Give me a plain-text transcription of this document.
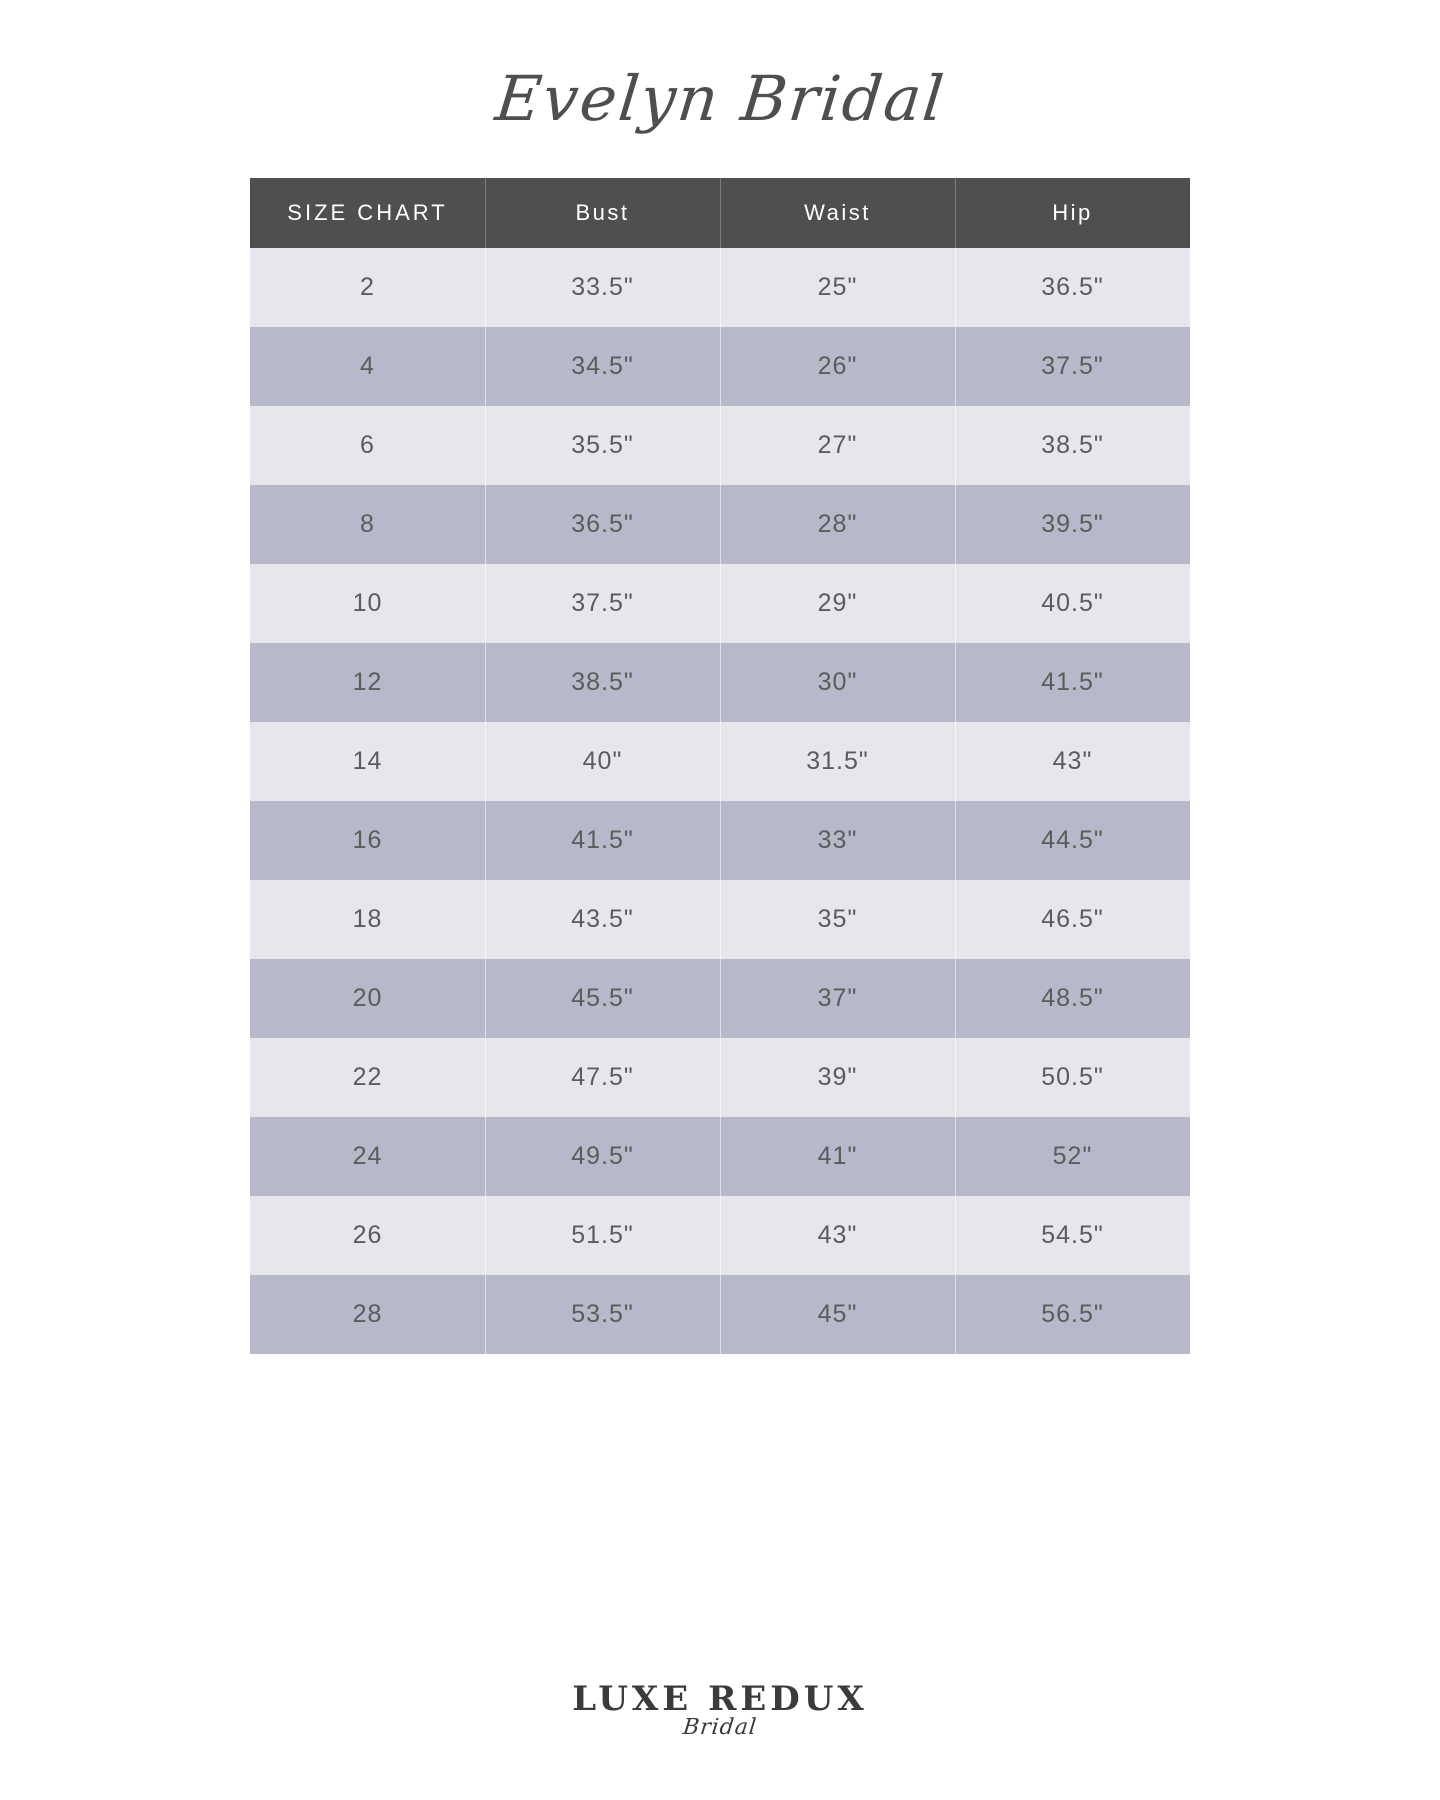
Evelyn Bridal
SIZE CHART	Bust	Waist	Hip
2	33.5"	25"	36.5"
4	34.5"	26"	37.5"
6	35.5"	27"	38.5"
8	36.5"	28"	39.5"
10	37.5"	29"	40.5"
12	38.5"	30"	41.5"
14	40"	31.5"	43"
16	41.5"	33"	44.5"
18	43.5"	35"	46.5"
20	45.5"	37"	48.5"
22	47.5"	39"	50.5"
24	49.5"	41"	52"
26	51.5"	43"	54.5"
28	53.5"	45"	56.5"
LUXE REDUX
Bridal
